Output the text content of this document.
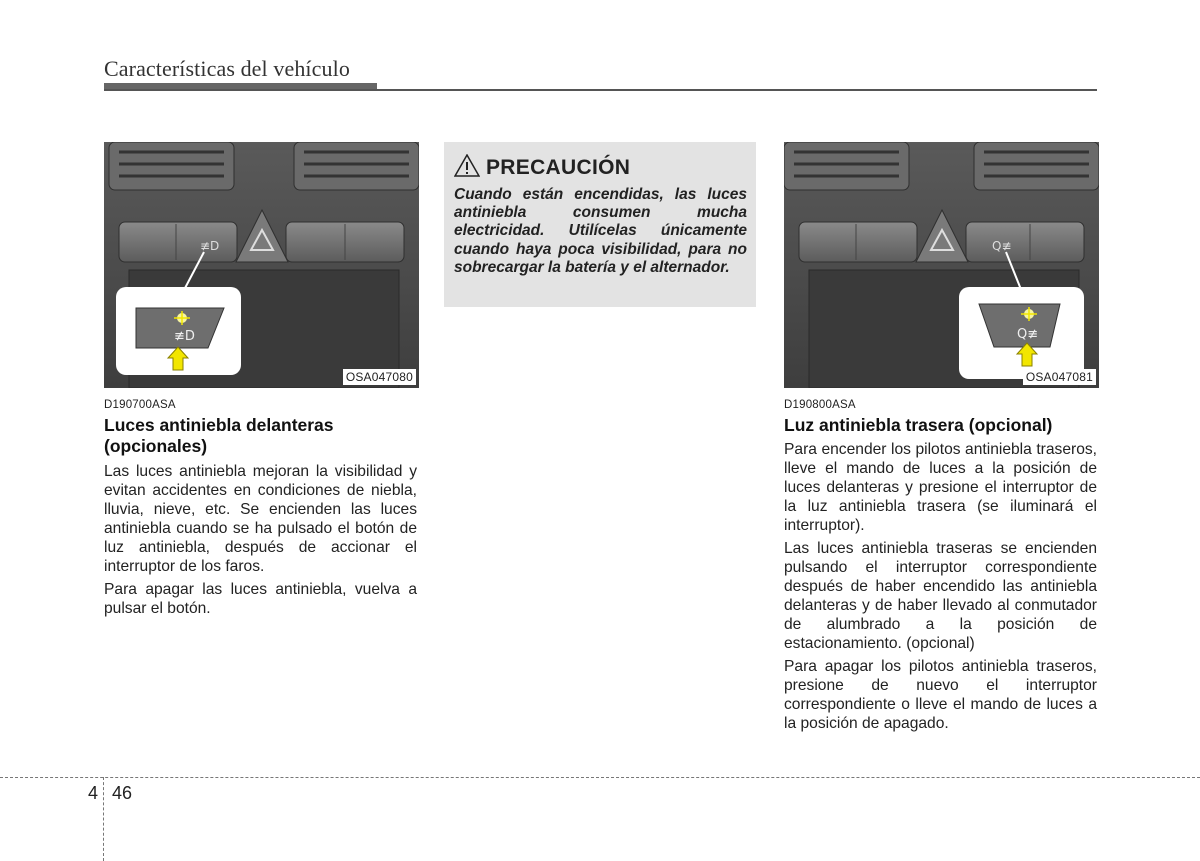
Características del vehículo
≢D
≢D
OSA047080
PRECAUCIÓN

Cuando están encendidas, las luces antiniebla consumen mucha electricidad. Utilícelas únicamente cuando haya poca visibilidad, para no sobrecargar la batería y el alternador.

Q≢
Q≢
OSA047081
D190700ASA
Luces antiniebla delanteras (opcionales)

Las luces antiniebla mejoran la visibilidad y evitan accidentes en condiciones de niebla, lluvia, nieve, etc. Se encienden las luces antiniebla cuando se ha pulsado el botón de luz antiniebla, después de accionar el interruptor de los faros.

Para apagar las luces antiniebla, vuelva a pulsar el botón.

D190800ASA
Luz antiniebla trasera (opcional)

Para encender los pilotos antiniebla traseros, lleve el mando de luces a la posición de luces delanteras y presione el interruptor de la luz antiniebla trasera (se iluminará el interruptor).

Las luces antiniebla traseras se encienden pulsando el interruptor correspondiente después de haber encendido las antiniebla delanteras y de haber llevado al conmutador de alumbrado a la posición de estacionamiento. (opcional)

Para apagar los pilotos antiniebla traseros, presione de nuevo el interruptor correspondiente o lleve el mando de luces a la posición de apagado.

4 46
